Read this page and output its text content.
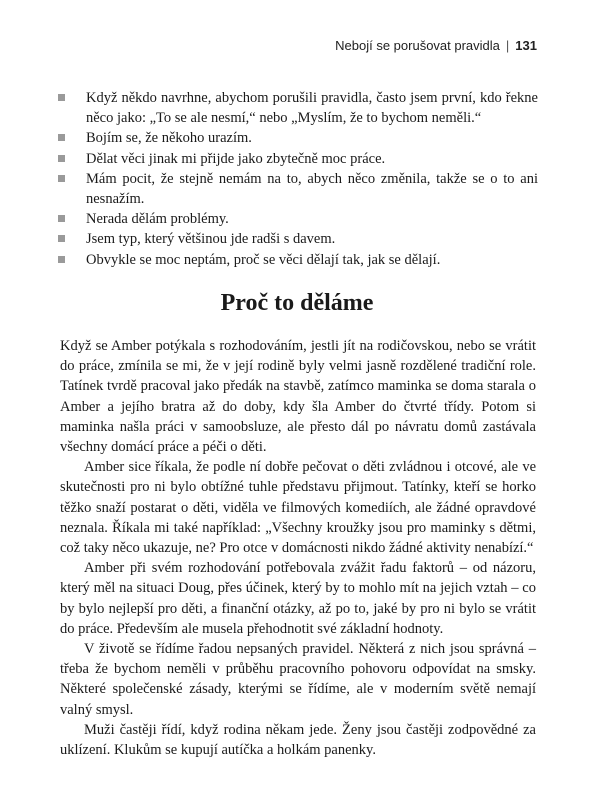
Nebojí se porušovat pravidla | 131
Když někdo navrhne, abychom porušili pravidla, často jsem první, kdo řekne něco jako: „To se ale nesmí,“ nebo „Myslím, že to bychom neměli.“
Bojím se, že někoho urazím.
Dělat věci jinak mi přijde jako zbytečně moc práce.
Mám pocit, že stejně nemám na to, abych něco změnila, takže se o to ani nesnažím.
Nerada dělám problémy.
Jsem typ, který většinou jde radši s davem.
Obvykle se moc neptám, proč se věci dělají tak, jak se dělají.
Proč to děláme

Když se Amber potýkala s rozhodováním, jestli jít na rodičovskou, nebo se vrátit do práce, zmínila se mi, že v její rodině byly velmi jasně rozdělené tradiční role. Tatínek tvrdě pracoval jako předák na stavbě, zatímco maminka se doma starala o Amber a jejího bratra až do doby, kdy šla Amber do čtvrté třídy. Potom si maminka našla práci v samoobsluze, ale přesto dál po návratu domů zastávala všechny domácí práce a péči o děti.

Amber sice říkala, že podle ní dobře pečovat o děti zvládnou i otcové, ale ve skutečnosti pro ni bylo obtížné tuhle představu přijmout. Tatínky, kteří se horko těžko snaží postarat o děti, viděla ve filmových komediích, ale žádné opravdové neznala. Říkala mi také například: „Všechny kroužky jsou pro maminky s dětmi, což taky něco ukazuje, ne? Pro otce v domácnosti nikdo žádné aktivity nenabízí.“

Amber při svém rozhodování potřebovala zvážit řadu faktorů – od názoru, který měl na situaci Doug, přes účinek, který by to mohlo mít na jejich vztah – co by bylo nejlepší pro děti, a finanční otázky, až po to, jaké by pro ni bylo se vrátit do práce. Především ale musela přehodnotit své základní hodnoty.

V životě se řídíme řadou nepsaných pravidel. Některá z nich jsou správná – třeba že bychom neměli v průběhu pracovního pohovoru odpovídat na smsky. Některé společenské zásady, kterými se řídíme, ale v moderním světě nemají valný smysl.

Muži častěji řídí, když rodina někam jede. Ženy jsou častěji zodpovědné za uklízení. Klukům se kupují autíčka a holkám panenky.
